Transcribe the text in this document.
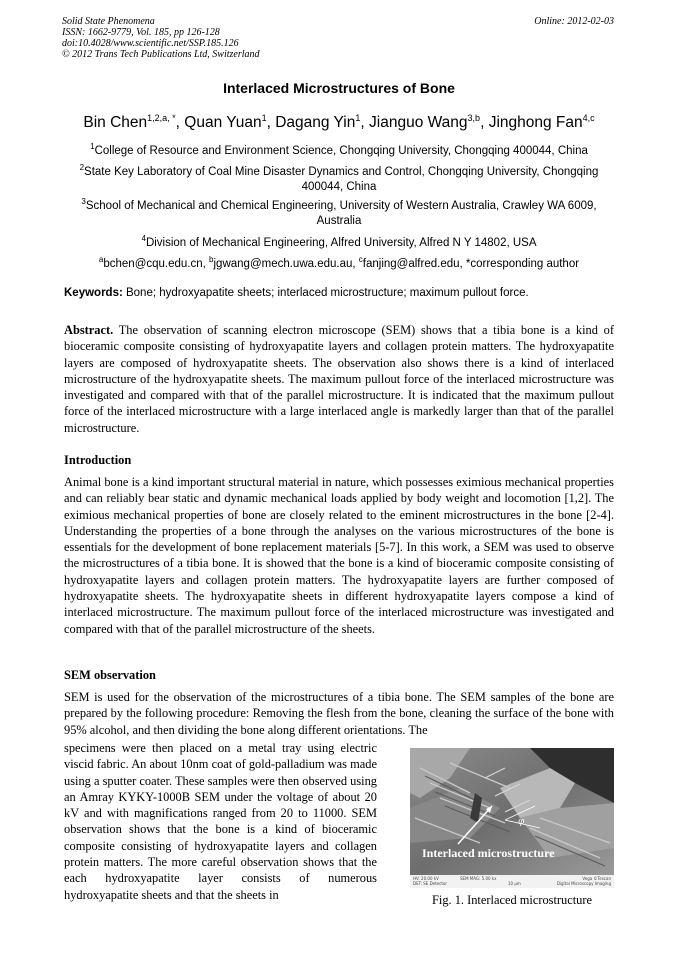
Solid State Phenomena
ISSN: 1662-9779, Vol. 185, pp 126-128
doi:10.4028/www.scientific.net/SSP.185.126
© 2012 Trans Tech Publications Ltd, Switzerland
Online: 2012-02-03
Interlaced Microstructures of Bone
Bin Chen$^{1,2,a, *}$, Quan Yuan$^1$, Dagang Yin$^1$, Jianguo Wang$^{3,b}$, Jinghong Fan$^{4,c}$
$^1$College of Resource and Environment Science, Chongqing University, Chongqing 400044, China
$^2$State Key Laboratory of Coal Mine Disaster Dynamics and Control, Chongqing University, Chongqing 400044, China
$^3$School of Mechanical and Chemical Engineering, University of Western Australia, Crawley WA 6009, Australia
$^4$Division of Mechanical Engineering, Alfred University, Alfred N Y 14802, USA
$^a$bchen@cqu.edu.cn, $^b$jgwang@mech.uwa.edu.au, $^c$fanjing@alfred.edu, *corresponding author
Keywords: Bone; hydroxyapatite sheets; interlaced microstructure; maximum pullout force.
Abstract. The observation of scanning electron microscope (SEM) shows that a tibia bone is a kind of bioceramic composite consisting of hydroxyapatite layers and collagen protein matters. The hydroxyapatite layers are composed of hydroxyapatite sheets. The observation also shows there is a kind of interlaced microstructure of the hydroxyapatite sheets. The maximum pullout force of the interlaced microstructure was investigated and compared with that of the parallel microstructure. It is indicated that the maximum pullout force of the interlaced microstructure with a large interlaced angle is markedly larger than that of the parallel microstructure.
Introduction
Animal bone is a kind important structural material in nature, which possesses eximious mechanical properties and can reliably bear static and dynamic mechanical loads applied by body weight and locomotion [1,2]. The eximious mechanical properties of bone are closely related to the eminent microstructures in the bone [2-4]. Understanding the properties of a bone through the analyses on the various microstructures of the bone is essentials for the development of bone replacement materials [5-7]. In this work, a SEM was used to observe the microstructures of a tibia bone. It is showed that the bone is a kind of bioceramic composite consisting of hydroxyapatite layers and collagen protein matters. The hydroxyapatite layers are further composed of hydroxyapatite sheets. The hydroxyapatite sheets in different hydroxyapatite layers compose a kind of interlaced microstructure. The maximum pullout force of the interlaced microstructure was investigated and compared with that of the parallel microstructure of the sheets.
SEM observation
SEM is used for the observation of the microstructures of a tibia bone. The SEM samples of the bone are prepared by the following procedure: Removing the flesh from the bone, cleaning the surface of the bone with 95% alcohol, and then dividing the bone along different orientations. The
specimens were then placed on a metal tray using electric viscid fabric. An about 10nm coat of gold-palladium was made using a sputter coater. These samples were then observed using an Amray KYKY-1000B SEM under the voltage of about 20 kV and with magnifications ranged from 20 to 11000. SEM observation shows that the bone is a kind of bioceramic composite consisting of hydroxyapatite layers and collagen protein matters. The more careful observation shows that the each hydroxyapatite layer consists of numerous hydroxyapatite sheets and that the sheets in
φ
Interlaced microstructure
HV: 20.00 kV	SEM MAG: 5.00 kx
DET: SE Detector	10 µm
Vega ©Tescan
Digital Microscopy Imaging
Fig. 1. Interlaced microstructure
